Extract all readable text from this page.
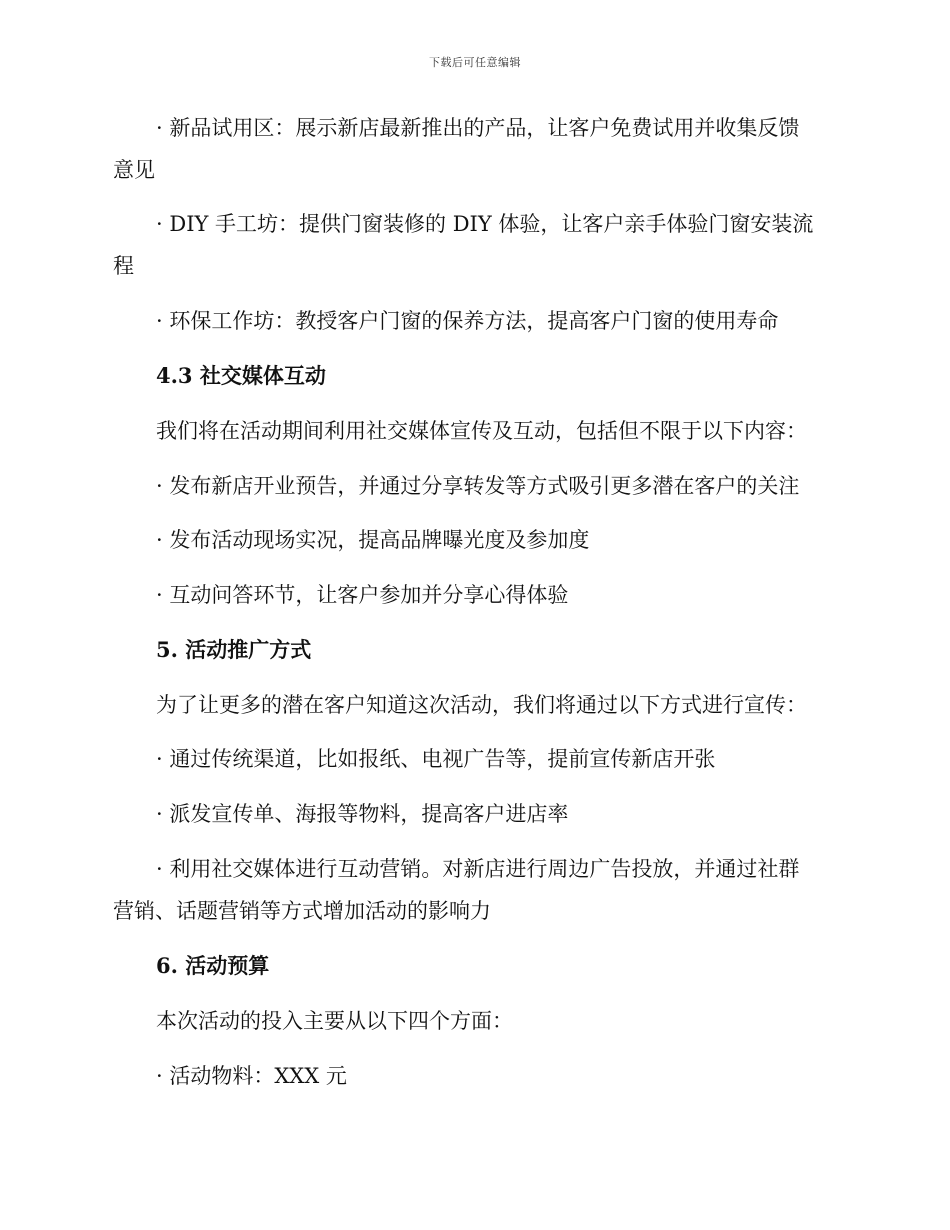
下载后可任意编辑
· 新品试用区：展示新店最新推出的产品，让客户免费试用并收集反馈
意见
· DIY 手工坊：提供门窗装修的 DIY 体验，让客户亲手体验门窗安装流
程
· 环保工作坊：教授客户门窗的保养方法，提高客户门窗的使用寿命
4.3 社交媒体互动
我们将在活动期间利用社交媒体宣传及互动，包括但不限于以下内容：
· 发布新店开业预告，并通过分享转发等方式吸引更多潜在客户的关注
· 发布活动现场实况，提高品牌曝光度及参加度
· 互动问答环节，让客户参加并分享心得体验
5. 活动推广方式
为了让更多的潜在客户知道这次活动，我们将通过以下方式进行宣传：
· 通过传统渠道，比如报纸、电视广告等，提前宣传新店开张
· 派发宣传单、海报等物料，提高客户进店率
· 利用社交媒体进行互动营销。对新店进行周边广告投放，并通过社群
营销、话题营销等方式增加活动的影响力
6. 活动预算
本次活动的投入主要从以下四个方面：
· 活动物料：XXX 元
